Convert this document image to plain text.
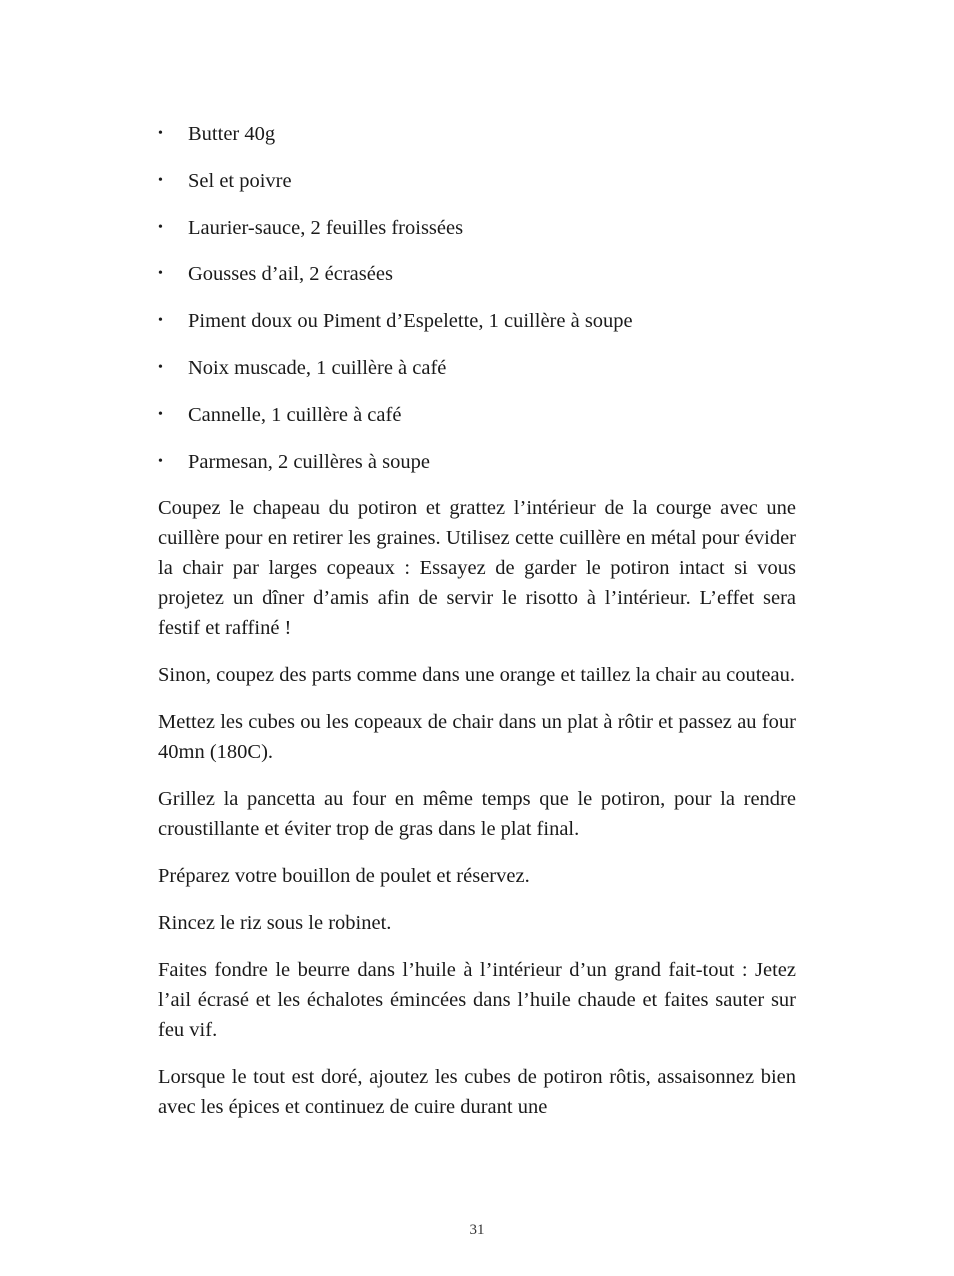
• Butter 40g
• Sel et poivre
• Laurier-sauce, 2 feuilles froissées
• Gousses d’ail, 2 écrasées
• Piment doux ou Piment d’Espelette, 1 cuillère à soupe
• Noix muscade, 1 cuillère à café
• Cannelle, 1 cuillère à café
• Parmesan, 2 cuillères à soupe

Coupez le chapeau du potiron et grattez l’intérieur de la courge avec une cuillère pour en retirer les graines. Utilisez cette cuillère en métal pour évider la chair par larges copeaux : Essayez de garder le potiron intact si vous projetez un dîner d’amis afin de servir le risotto à l’intérieur. L’effet sera festif et raffiné !

Sinon, coupez des parts comme dans une orange et taillez la chair au couteau.

Mettez les cubes ou les copeaux de chair dans un plat à rôtir et passez au four 40mn (180C).

Grillez la pancetta au four en même temps que le potiron, pour la rendre croustillante et éviter trop de gras dans le plat final.

Préparez votre bouillon de poulet et réservez.

Rincez le riz sous le robinet.

Faites fondre le beurre dans l’huile à l’intérieur d’un grand fait-tout : Jetez l’ail écrasé et les échalotes émincées dans l’huile chaude et faites sauter sur feu vif.

Lorsque le tout est doré, ajoutez les cubes de potiron rôtis, assaisonnez bien avec les épices et continuez de cuire durant une

31
